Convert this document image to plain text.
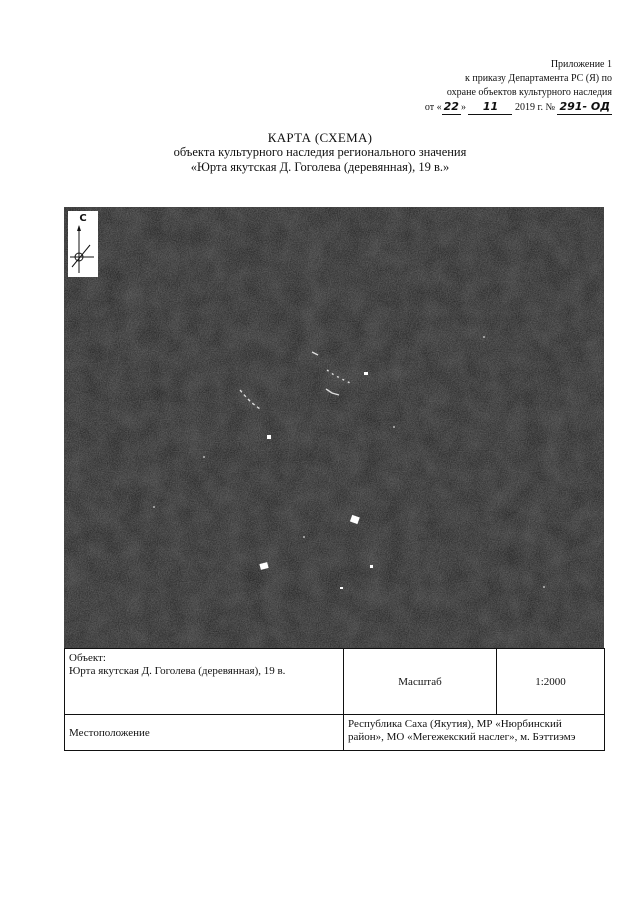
Приложение 1
к приказу Департамента РС (Я) по
охране объектов культурного наследия
от « 22 » 11 2019 г. № 291- ОД
КАРТА (СХЕМА)
объекта культурного наследия регионального значения
«Юрта якутская Д. Гоголева (деревянная), 19 в.»
С
Объект:
Юрта якутская Д. Гоголева (деревянная), 19 в.	Масштаб	1:2000
Местоположение	Республика Саха (Якутия), МР «Нюрбинский район», МО «Мегежекский наслег», м. Бэттиэмэ	
